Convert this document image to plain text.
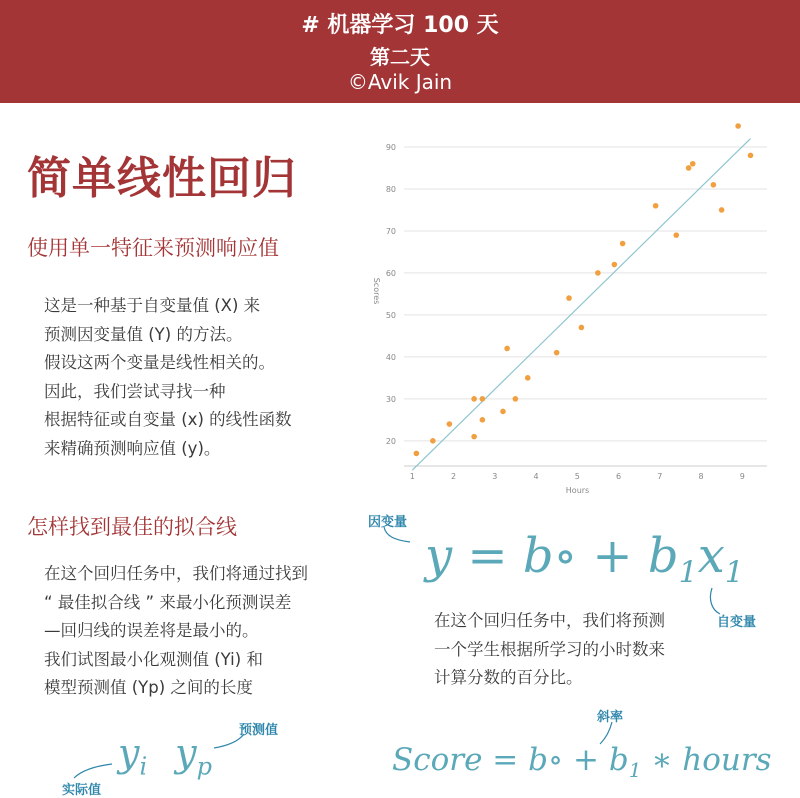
# 机器学习 100 天
第二天
©Avik Jain
简单线性回归
使用单一特征来预测响应值
这是一种基于自变量值 (X) 来
预测因变量值 (Y) 的方法。
假设这两个变量是线性相关的。
因此，我们尝试寻找一种
根据特征或自变量 (x) 的线性函数
来精确预测响应值 (y)。
怎样找到最佳的拟合线
在这个回归任务中，我们将通过找到
“ 最佳拟合线 ” 来最小化预测误差
—回归线的误差将是最小的。
我们试图最小化观测值 (Yi) 和
模型预测值 (Yp) 之间的长度
在这个回归任务中，我们将预测
一个学生根据所学习的小时数来
计算分数的百分比。
20
30
40
50
60
70
80
90
1	2	3	4	5	6	7	8	9
Hours
Scores
y = b∘ + $b_1x_1$
Score = b∘ + $b_1$ ∗ hours
$y_i$ $y_p$
因变量
自变量
斜率
预测值
实际值
